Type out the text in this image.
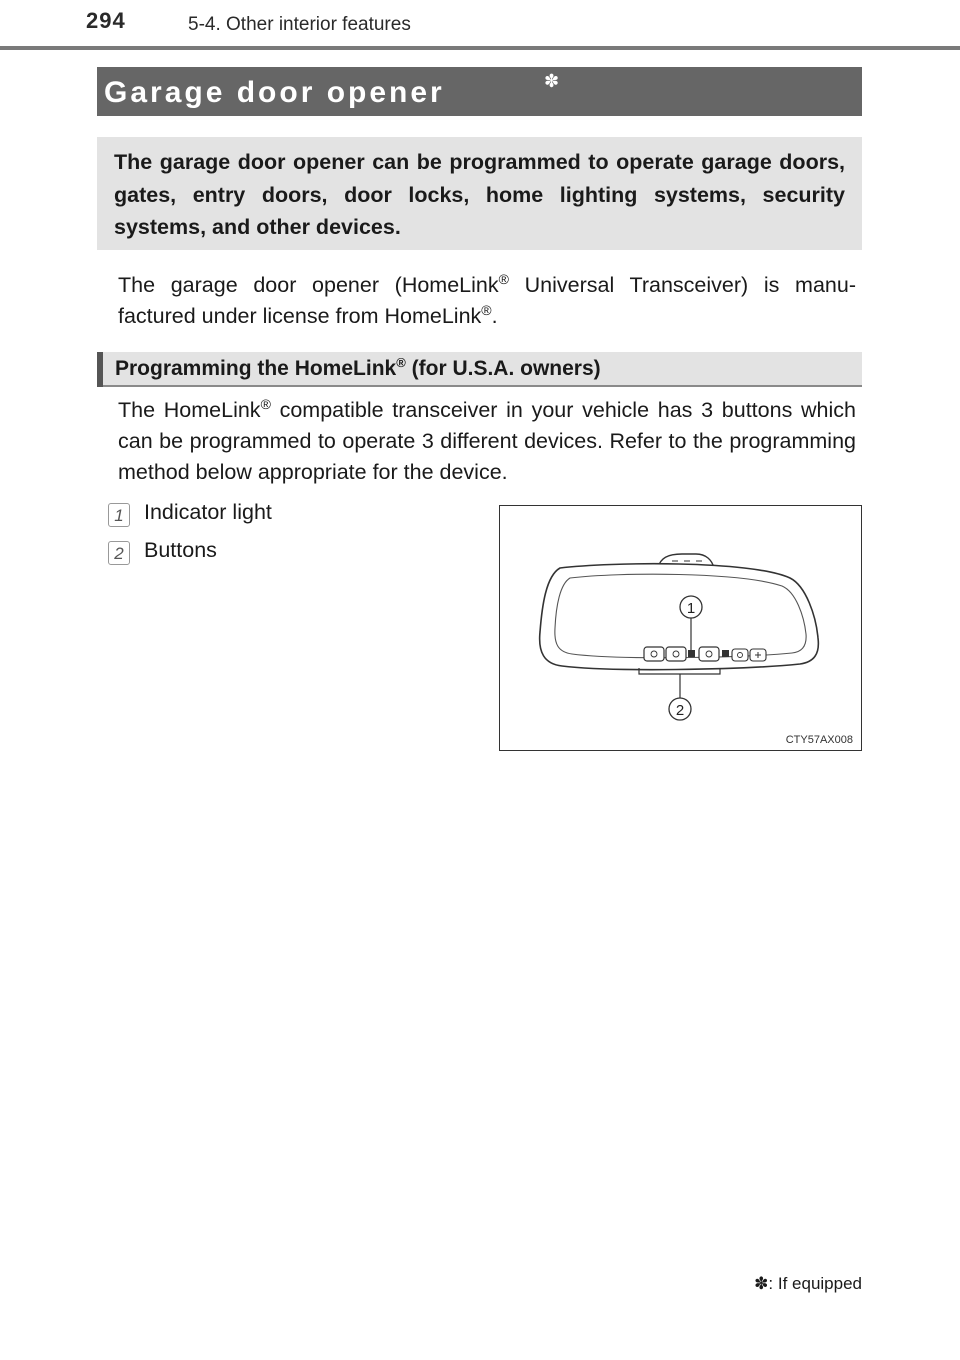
294	5-4. Other interior features
Garage door opener	✽
The garage door opener can be programmed to operate garage doors, gates, entry doors, door locks, home lighting systems, security systems, and other devices.
The garage door opener (HomeLink® Universal Transceiver) is manu- factured under license from HomeLink®.
Programming the HomeLink® (for U.S.A. owners)
The HomeLink® compatible transceiver in your vehicle has 3 buttons which can be programmed to operate 3 different devices. Refer to the programming method below appropriate for the device.
1 Indicator light
2 Buttons
1
2
CTY57AX008
✽: If equipped
